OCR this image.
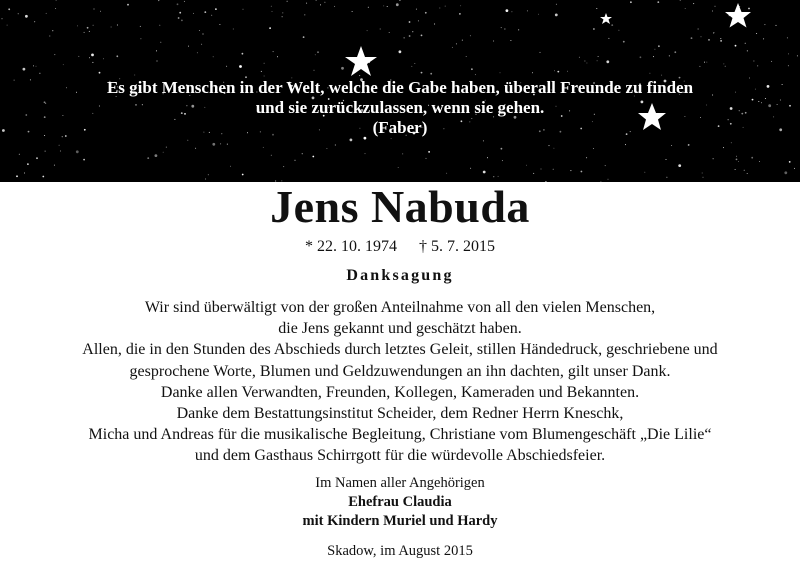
Es gibt Menschen in der Welt, welche die Gabe haben, überall Freunde zu finden
und sie zurückzulassen, wenn sie gehen.
(Faber)
Jens Nabuda
* 22. 10. 1974 † 5. 7. 2015
Danksagung
Wir sind überwältigt von der großen Anteilnahme von all den vielen Menschen,
die Jens gekannt und geschätzt haben.
Allen, die in den Stunden des Abschieds durch letztes Geleit, stillen Händedruck, geschriebene und
gesprochene Worte, Blumen und Geldzuwendungen an ihn dachten, gilt unser Dank.
Danke allen Verwandten, Freunden, Kollegen, Kameraden und Bekannten.
Danke dem Bestattungsinstitut Scheider, dem Redner Herrn Kneschk,
Micha und Andreas für die musikalische Begleitung, Christiane vom Blumengeschäft „Die Lilie“
und dem Gasthaus Schirrgott für die würdevolle Abschiedsfeier.
Im Namen aller Angehörigen
Ehefrau Claudia
mit Kindern Muriel und Hardy
Skadow, im August 2015
